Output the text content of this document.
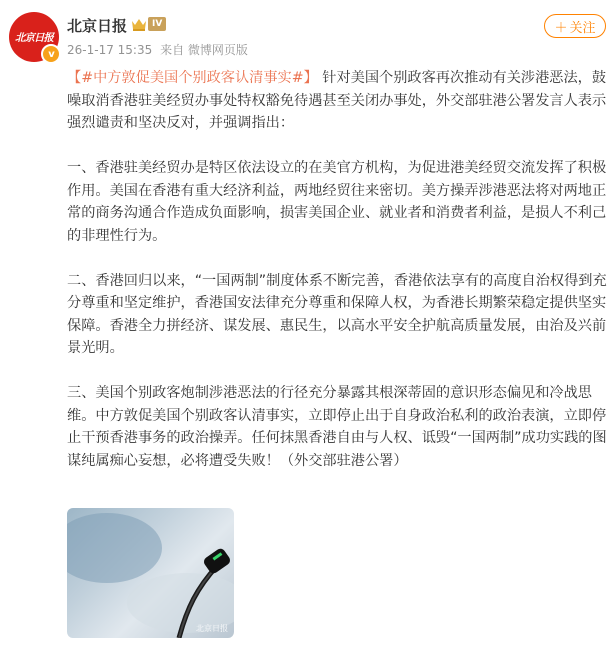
北京日报
v
北京日报	IV
26-1-17 15:35 来自 微博网页版
＋ 关注

【#中方敦促美国个别政客认清事实#】 针对美国个别政客再次推动有关涉港恶法，鼓噪取消香港驻美经贸办事处特权豁免待遇甚至关闭办事处，外交部驻港公署发言人表示强烈谴责和坚决反对，并强调指出：

一、香港驻美经贸办是特区依法设立的在美官方机构，为促进港美经贸交流发挥了积极作用。美国在香港有重大经济利益，两地经贸往来密切。美方操弄涉港恶法将对两地正常的商务沟通合作造成负面影响，损害美国企业、就业者和消费者利益，是损人不利己的非理性行为。

二、香港回归以来，“一国两制”制度体系不断完善，香港依法享有的高度自治权得到充分尊重和坚定维护，香港国安法律充分尊重和保障人权，为香港长期繁荣稳定提供坚实保障。香港全力拼经济、谋发展、惠民生，以高水平安全护航高质量发展，由治及兴前景光明。

三、美国个别政客炮制涉港恶法的行径充分暴露其根深蒂固的意识形态偏见和冷战思维。中方敦促美国个别政客认清事实，立即停止出于自身政治私利的政治表演，立即停止干预香港事务的政治操弄。任何抹黑香港自由与人权、诋毁“一国两制”成功实践的图谋纯属痴心妄想，必将遭受失败！（外交部驻港公署）

北京日报
